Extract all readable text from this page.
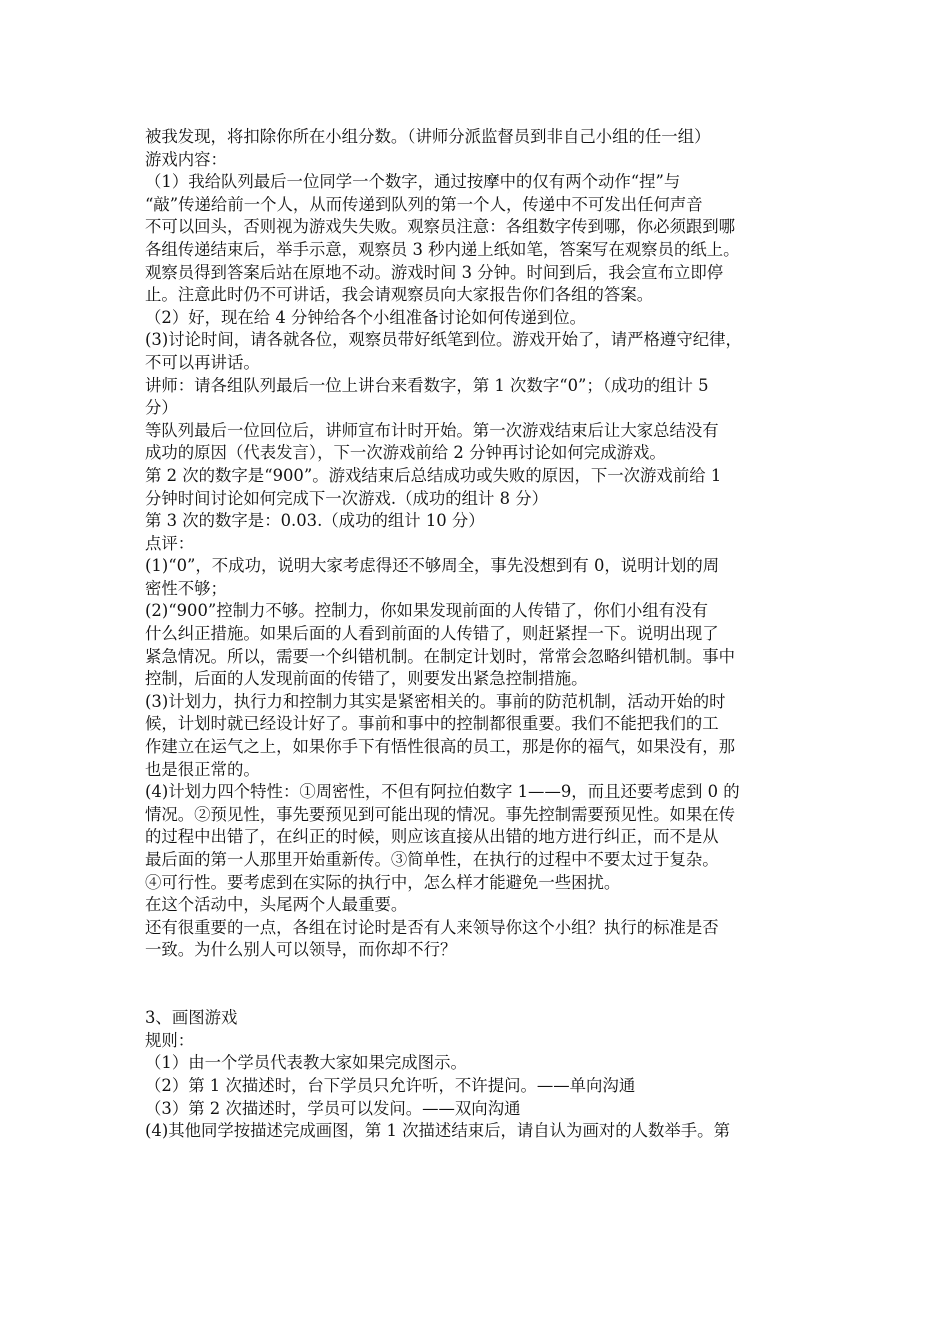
被我发现，将扣除你所在小组分数。（讲师分派监督员到非自己小组的任一组）
游戏内容：
（1）我给队列最后一位同学一个数字，通过按摩中的仅有两个动作“捏”与
“敲”传递给前一个人，从而传递到队列的第一个人，传递中不可发出任何声音
不可以回头，否则视为游戏失失败。观察员注意：各组数字传到哪，你必须跟到哪
各组传递结束后，举手示意，观察员 3 秒内递上纸如笔，答案写在观察员的纸上。
观察员得到答案后站在原地不动。游戏时间 3 分钟。时间到后，我会宣布立即停
止。注意此时仍不可讲话，我会请观察员向大家报告你们各组的答案。
（2）好，现在给 4 分钟给各个小组准备讨论如何传递到位。
(3)讨论时间，请各就各位，观察员带好纸笔到位。游戏开始了，请严格遵守纪律，
不可以再讲话。
讲师：请各组队列最后一位上讲台来看数字，第 1 次数字“0”；（成功的组计 5
分）
等队列最后一位回位后，讲师宣布计时开始。第一次游戏结束后让大家总结没有
成功的原因（代表发言），下一次游戏前给 2 分钟再讨论如何完成游戏。
第 2 次的数字是“900”。游戏结束后总结成功或失败的原因，下一次游戏前给 1
分钟时间讨论如何完成下一次游戏.（成功的组计 8 分）
第 3 次的数字是：0.03.（成功的组计 10 分）
点评：
(1)“0”，不成功，说明大家考虑得还不够周全，事先没想到有 0，说明计划的周
密性不够；
(2)“900”控制力不够。控制力，你如果发现前面的人传错了，你们小组有没有
什么纠正措施。如果后面的人看到前面的人传错了，则赶紧捏一下。说明出现了
紧急情况。所以，需要一个纠错机制。在制定计划时，常常会忽略纠错机制。事中
控制，后面的人发现前面的传错了，则要发出紧急控制措施。
(3)计划力，执行力和控制力其实是紧密相关的。事前的防范机制，活动开始的时
候，计划时就已经设计好了。事前和事中的控制都很重要。我们不能把我们的工
作建立在运气之上，如果你手下有悟性很高的员工，那是你的福气，如果没有，那
也是很正常的。
(4)计划力四个特性：①周密性，不但有阿拉伯数字 1——9，而且还要考虑到 0 的
情况。②预见性，事先要预见到可能出现的情况。事先控制需要预见性。如果在传
的过程中出错了，在纠正的时候，则应该直接从出错的地方进行纠正，而不是从
最后面的第一人那里开始重新传。③简单性，在执行的过程中不要太过于复杂。
④可行性。要考虑到在实际的执行中，怎么样才能避免一些困扰。
在这个活动中，头尾两个人最重要。
还有很重要的一点，各组在讨论时是否有人来领导你这个小组？执行的标准是否
一致。为什么别人可以领导，而你却不行？
3、画图游戏
规则：
（1）由一个学员代表教大家如果完成图示。
（2）第 1 次描述时，台下学员只允许听，不许提问。——单向沟通
（3）第 2 次描述时，学员可以发问。——双向沟通
(4)其他同学按描述完成画图，第 1 次描述结束后，请自认为画对的人数举手。第
